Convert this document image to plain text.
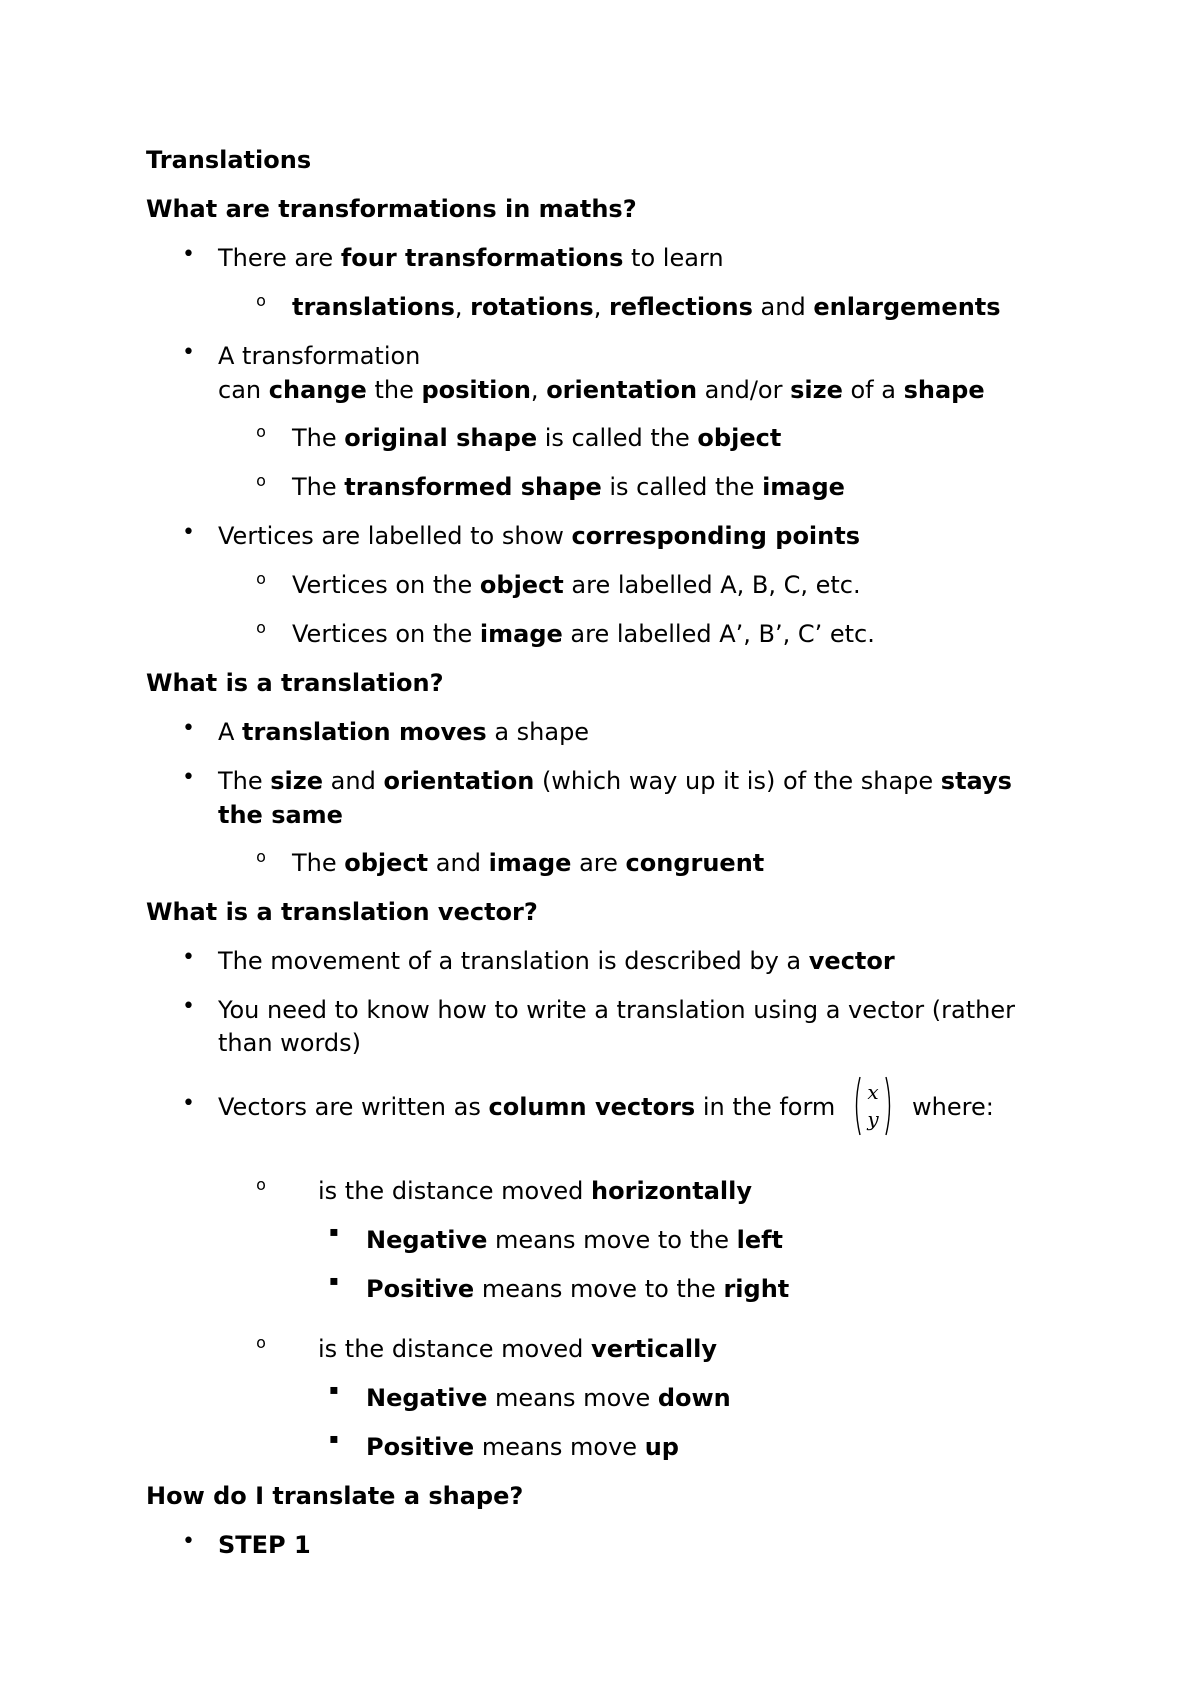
Translations
What are transformations in maths?
• There are four transformations to learn
o translations, rotations, reflections and enlargements
• A transformation
can change the position, orientation and/or size of a shape
o The original shape is called the object
o The transformed shape is called the image
• Vertices are labelled to show corresponding points
o Vertices on the object are labelled A, B, C, etc.
o Vertices on the image are labelled A’, B’, C’ etc.
What is a translation?
• A translation moves a shape
• The size and orientation (which way up it is) of the shape stays
the same
o The object and image are congruent
What is a translation vector?
• The movement of a translation is described by a vector
• You need to know how to write a translation using a vector (rather
than words)
• Vectors are written as column vectors in the form
x
y	where:
o is the distance moved horizontally
▪ Negative means move to the left
▪ Positive means move to the right
o is the distance moved vertically
▪ Negative means move down
▪ Positive means move up
How do I translate a shape?
• STEP 1
